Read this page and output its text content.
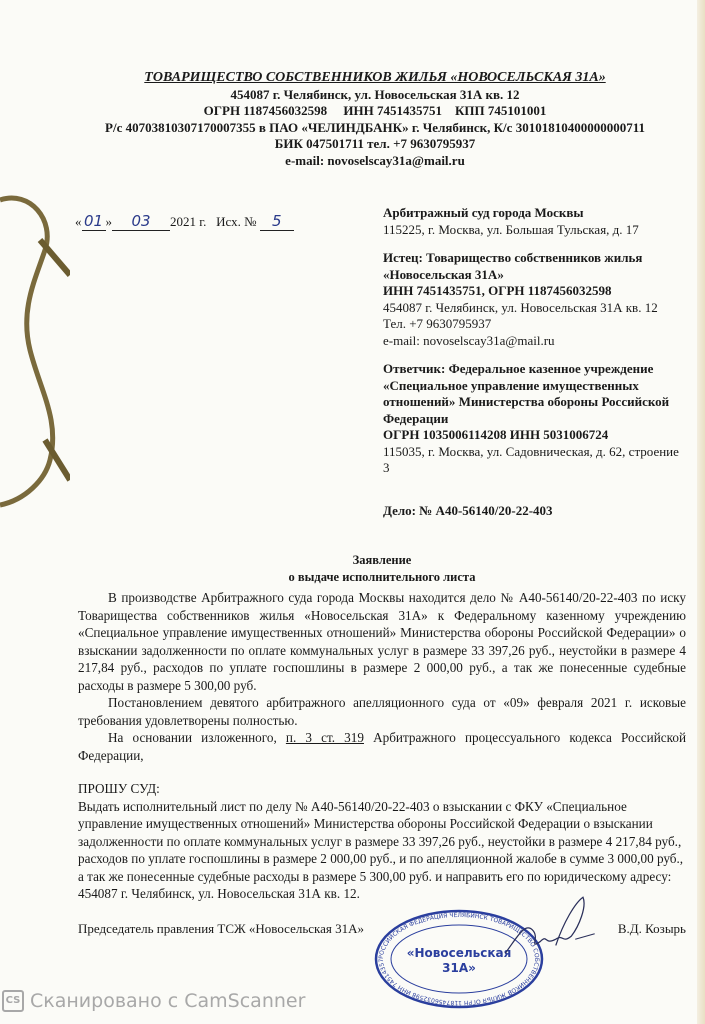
ТОВАРИЩЕСТВО СОБСТВЕННИКОВ ЖИЛЬЯ «НОВОСЕЛЬСКАЯ 31А»
454087 г. Челябинск, ул. Новосельская 31А кв. 12
ОГРН 1187456032598     ИНН 7451435751    КПП 745101001
Р/с 40703810307170007355 в ПАО «ЧЕЛИНДБАНК» г. Челябинск, К/с 30101810400000000711
БИК 047501711 тел. +7 9630795937
e-mail: novoselscay31a@mail.ru
« 01 » 03 2021 г. Исх. № 5	Арбитражный суд города Москвы
115225, г. Москва, ул. Большая Тульская, д. 17
Истец: Товарищество собственников жилья
«Новосельская 31А»
ИНН 7451435751, ОГРН 1187456032598
454087 г. Челябинск, ул. Новосельская 31А кв. 12
Тел. +7 9630795937
e-mail: novoselscay31a@mail.ru
Ответчик: Федеральное казенное учреждение «Специальное управление имущественных отношений» Министерства обороны Российской Федерации
ОГРН 1035006114208 ИНН 5031006724
115035, г. Москва, ул. Садовническая, д. 62, строение 3
Дело: № А40-56140/20-22-403
Заявление
о выдаче исполнительного листа

В производстве Арбитражного суда города Москвы находится дело № А40-56140/20-22-403 по иску Товарищества собственников жилья «Новосельская 31А» к Федеральному казенному учреждению «Специальное управление имущественных отношений» Министерства обороны Российской Федерации» о взыскании задолженности по оплате коммунальных услуг в размере 33 397,26 руб., неустойки в размере 4 217,84 руб., расходов по уплате госпошлины в размере 2 000,00 руб., а так же понесенные судебные расходы в размере 5 300,00 руб.

Постановлением девятого арбитражного апелляционного суда от «09» февраля 2021 г. исковые требования удовлетворены полностью.

На основании изложенного, п. 3 ст. 319 Арбитражного процессуального кодекса Российской Федерации,

ПРОШУ СУД:

Выдать исполнительный лист по делу № А40-56140/20-22-403 о взыскании с ФКУ «Специальное управление имущественных отношений» Министерства обороны Российской Федерации о взыскании задолженности по оплате коммунальных услуг в размере 33 397,26 руб., неустойки в размере 4 217,84 руб., расходов по уплате госпошлины в размере 2 000,00 руб., и по апелляционной жалобе в сумме 3 000,00 руб., а так же понесенные судебные расходы в размере 5 300,00 руб. и направить его по юридическому адресу: 454087 г. Челябинск, ул. Новосельская 31А кв. 12.

Председатель правления ТСЖ «Новосельская 31А»
РОССИЙСКАЯ ФЕДЕРАЦИЯ ЧЕЛЯБИНСК ТОВАРИЩЕСТВО СОБСТВЕННИКОВ ЖИЛЬЯ ОГРН 1187456032598 ИНН 74514357
«Новосельская
31А»
В.Д. Козырь
CS Сканировано с CamScanner
